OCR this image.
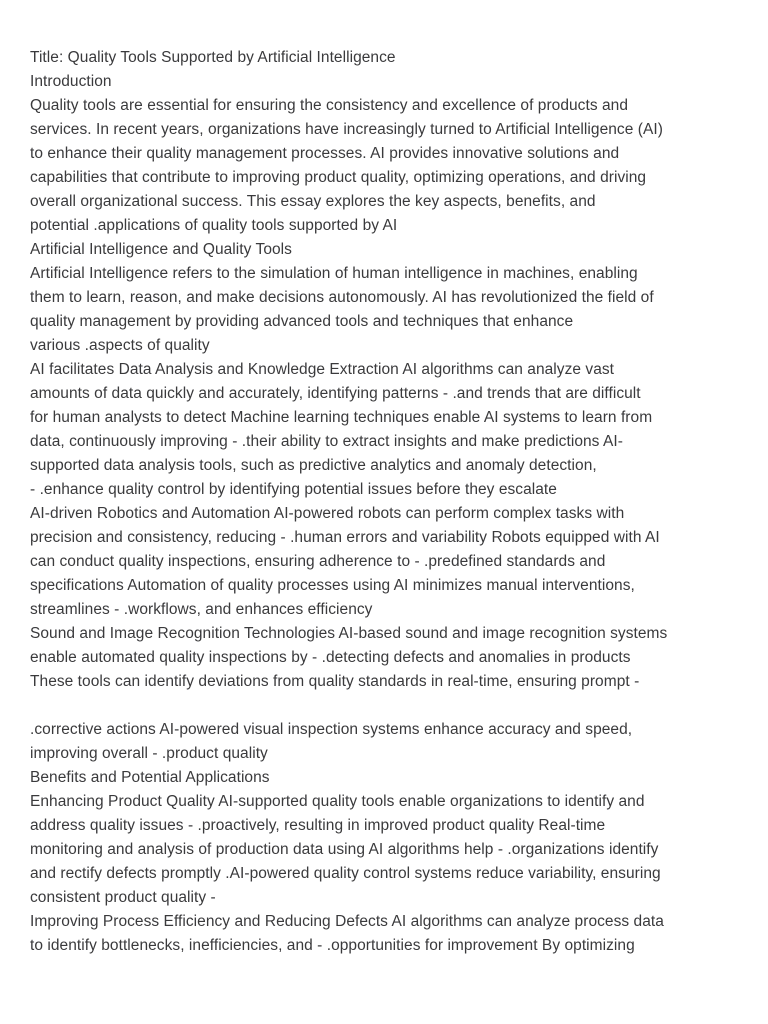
Title: Quality Tools Supported by Artificial Intelligence
Introduction
Quality tools are essential for ensuring the consistency and excellence of products and
services. In recent years, organizations have increasingly turned to Artificial Intelligence (AI)
to enhance their quality management processes. AI provides innovative solutions and
capabilities that contribute to improving product quality, optimizing operations, and driving
overall organizational success. This essay explores the key aspects, benefits, and
potential .applications of quality tools supported by AI
Artificial Intelligence and Quality Tools
Artificial Intelligence refers to the simulation of human intelligence in machines, enabling
them to learn, reason, and make decisions autonomously. AI has revolutionized the field of
quality management by providing advanced tools and techniques that enhance
various .aspects of quality
AI facilitates Data Analysis and Knowledge Extraction AI algorithms can analyze vast
amounts of data quickly and accurately, identifying patterns - .and trends that are difficult
for human analysts to detect Machine learning techniques enable AI systems to learn from
data, continuously improving - .their ability to extract insights and make predictions AI-
supported data analysis tools, such as predictive analytics and anomaly detection,
- .enhance quality control by identifying potential issues before they escalate
AI-driven Robotics and Automation AI-powered robots can perform complex tasks with
precision and consistency, reducing - .human errors and variability Robots equipped with AI
can conduct quality inspections, ensuring adherence to - .predefined standards and
specifications Automation of quality processes using AI minimizes manual interventions,
streamlines - .workflows, and enhances efficiency
Sound and Image Recognition Technologies AI-based sound and image recognition systems
enable automated quality inspections by - .detecting defects and anomalies in products
These tools can identify deviations from quality standards in real-time, ensuring prompt -
.corrective actions AI-powered visual inspection systems enhance accuracy and speed,
improving overall - .product quality
Benefits and Potential Applications
Enhancing Product Quality AI-supported quality tools enable organizations to identify and
address quality issues - .proactively, resulting in improved product quality Real-time
monitoring and analysis of production data using AI algorithms help - .organizations identify
and rectify defects promptly .AI-powered quality control systems reduce variability, ensuring
consistent product quality -
Improving Process Efficiency and Reducing Defects AI algorithms can analyze process data
to identify bottlenecks, inefficiencies, and - .opportunities for improvement By optimizing
